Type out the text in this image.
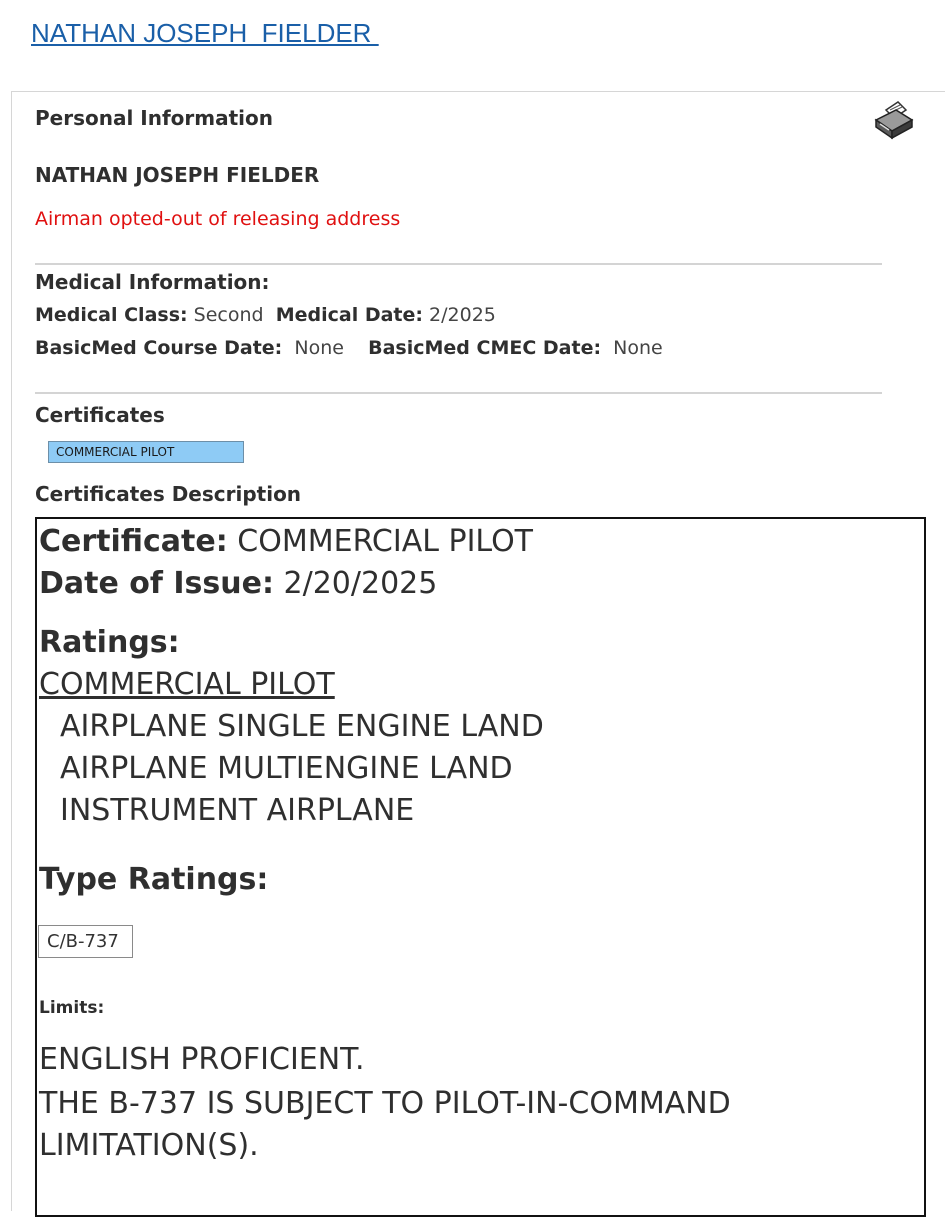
NATHAN JOSEPH  FIELDER
Personal Information
NATHAN JOSEPH FIELDER
Airman opted-out of releasing address
Medical Information:
Medical Class: Second Medical Date: 2/2025
BasicMed Course Date: None BasicMed CMEC Date: None
Certificates
COMMERCIAL PILOT
Certificates Description
Certificate: COMMERCIAL PILOT
Date of Issue: 2/20/2025
Ratings:
COMMERCIAL PILOT
AIRPLANE SINGLE ENGINE LAND
AIRPLANE MULTIENGINE LAND
INSTRUMENT AIRPLANE
Type Ratings:
C/B-737
Limits:
ENGLISH PROFICIENT.
THE B-737 IS SUBJECT TO PILOT-IN-COMMAND
LIMITATION(S).
